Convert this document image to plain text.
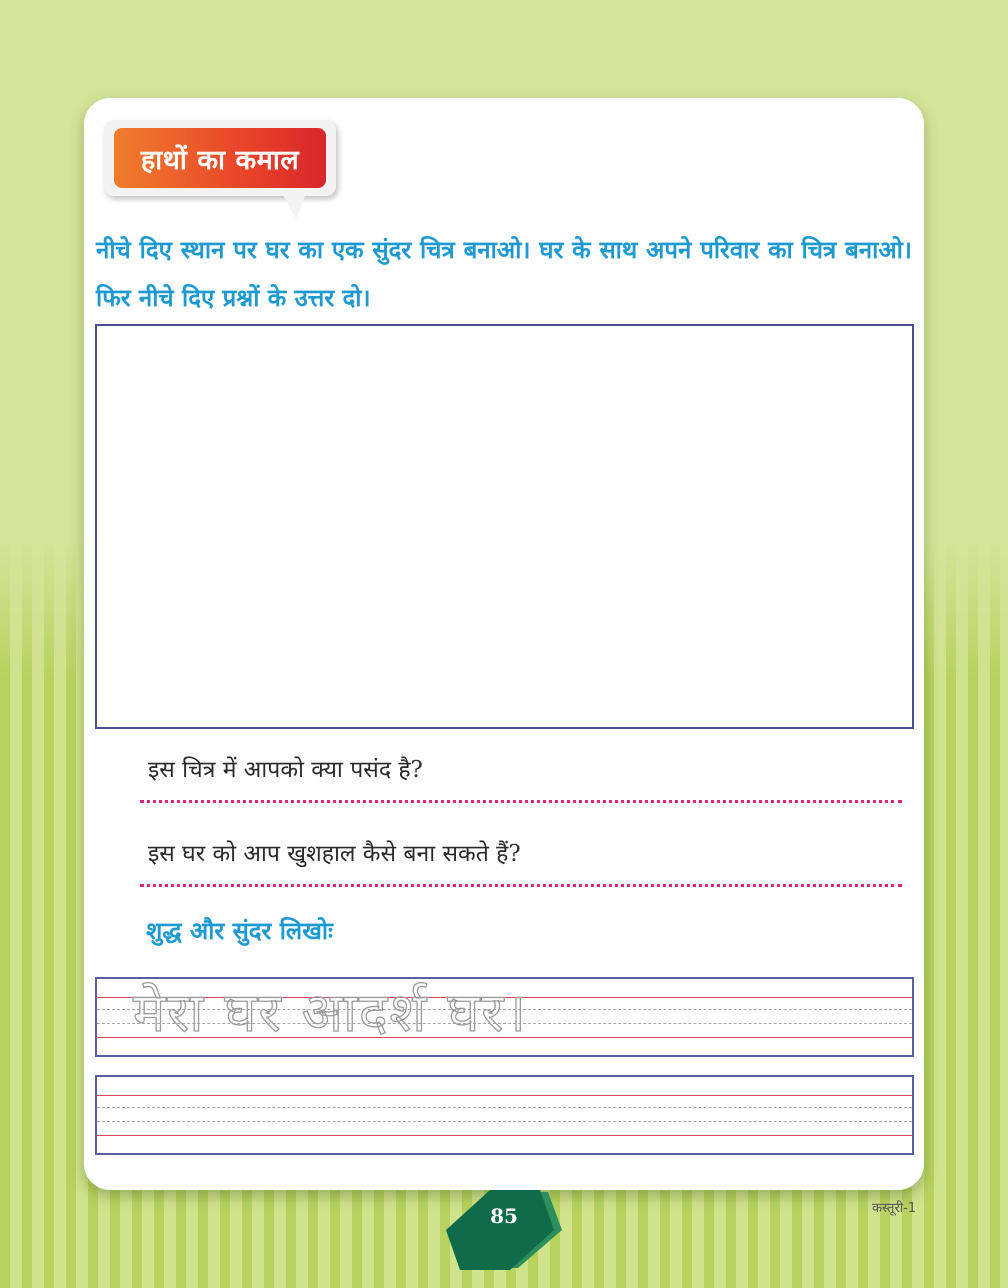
हाथों का कमाल
नीचे दिए स्थान पर घर का एक सुंदर चित्र बनाओ। घर के साथ अपने परिवार का चित्र बनाओ। फिर नीचे दिए प्रश्नों के उत्तर दो।
इस चित्र में आपको क्या पसंद है?
इस घर को आप खुशहाल कैसे बना सकते हैं?
शुद्ध और सुंदर लिखोः
मेरा घर आदर्श घर।
85	कस्तूरी-1
